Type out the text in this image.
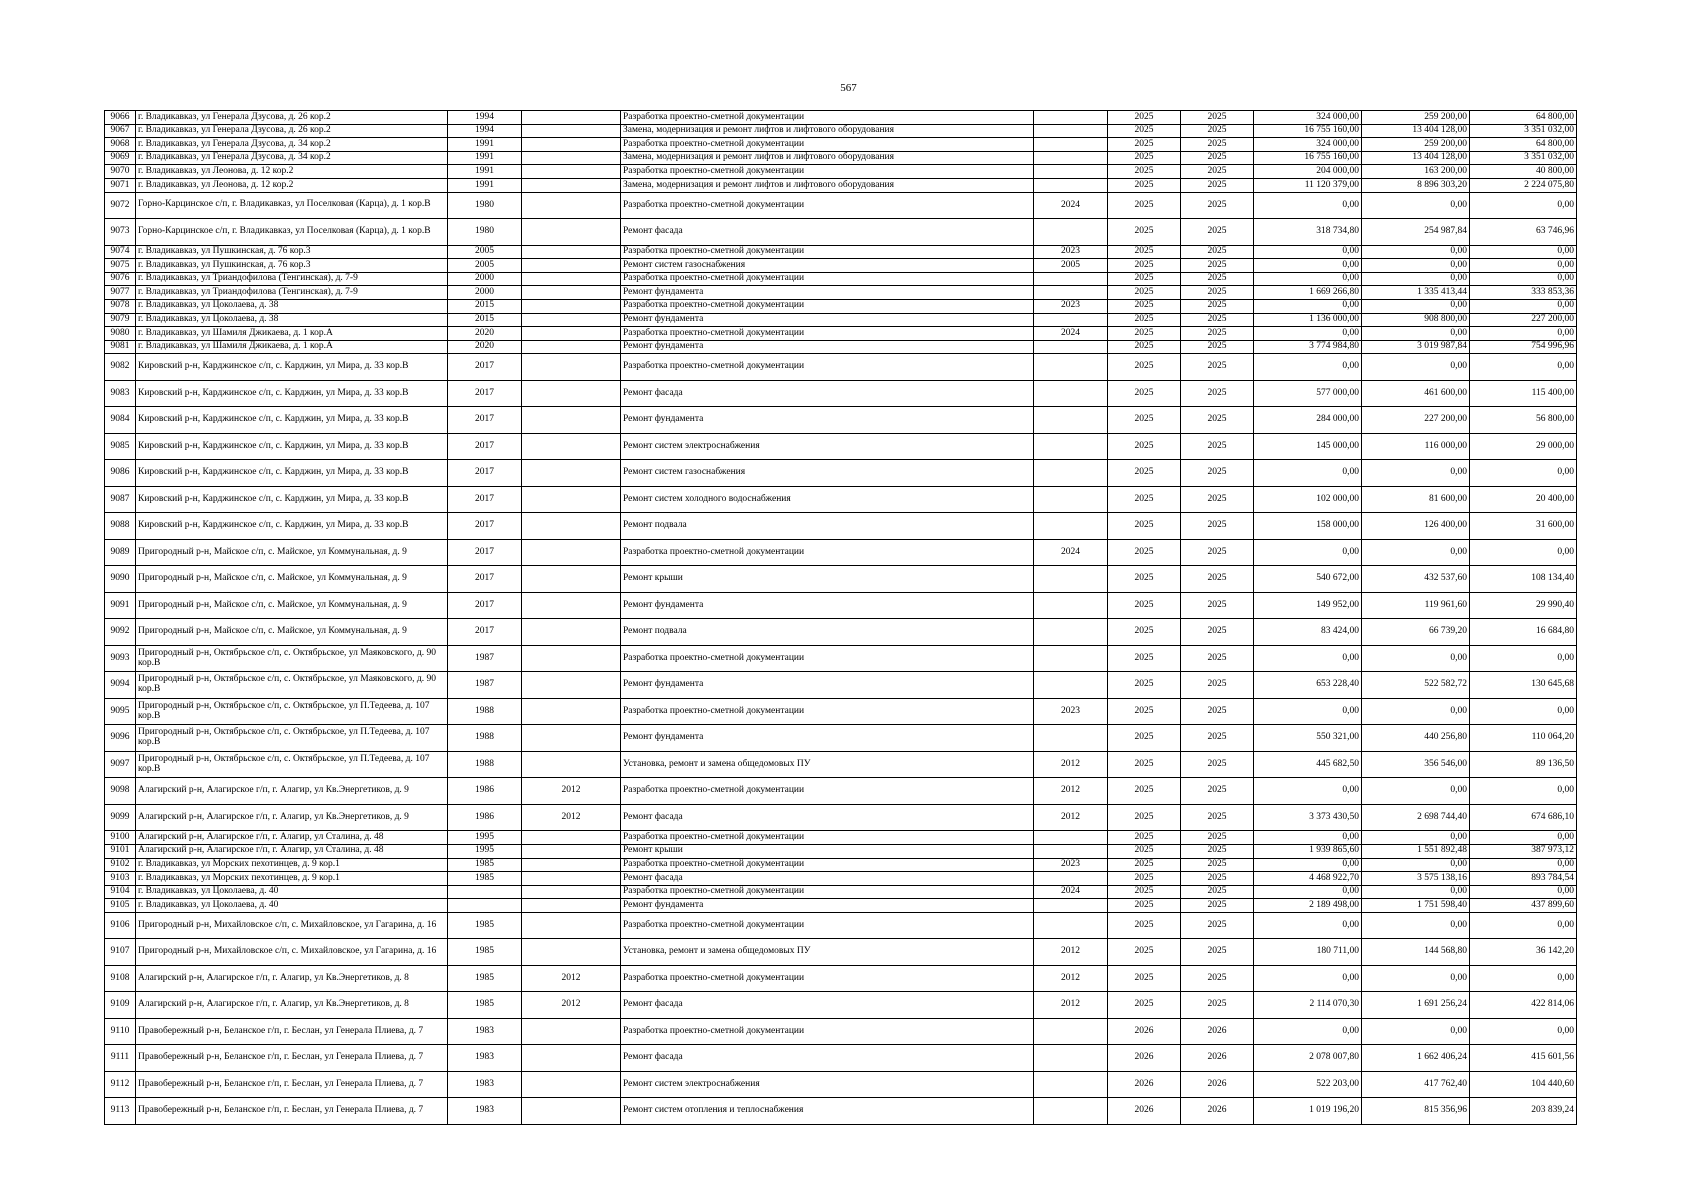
567
9066	г. Владикавказ, ул Генерала Дзусова, д. 26 кор.2	1994		Разработка проектно-сметной документации		2025	2025	324 000,00	259 200,00	64 800,00
9067	г. Владикавказ, ул Генерала Дзусова, д. 26 кор.2	1994		Замена, модернизация и ремонт лифтов и лифтового оборудования		2025	2025	16 755 160,00	13 404 128,00	3 351 032,00
9068	г. Владикавказ, ул Генерала Дзусова, д. 34 кор.2	1991		Разработка проектно-сметной документации		2025	2025	324 000,00	259 200,00	64 800,00
9069	г. Владикавказ, ул Генерала Дзусова, д. 34 кор.2	1991		Замена, модернизация и ремонт лифтов и лифтового оборудования		2025	2025	16 755 160,00	13 404 128,00	3 351 032,00
9070	г. Владикавказ, ул Леонова, д. 12 кор.2	1991		Разработка проектно-сметной документации		2025	2025	204 000,00	163 200,00	40 800,00
9071	г. Владикавказ, ул Леонова, д. 12 кор.2	1991		Замена, модернизация и ремонт лифтов и лифтового оборудования		2025	2025	11 120 379,00	8 896 303,20	2 224 075,80
9072	Горно-Карцинское с/п, г. Владикавказ, ул Поселковая (Карца), д. 1 кор.В	1980		Разработка проектно-сметной документации	2024	2025	2025	0,00	0,00	0,00
9073	Горно-Карцинское с/п, г. Владикавказ, ул Поселковая (Карца), д. 1 кор.В	1980		Ремонт фасада		2025	2025	318 734,80	254 987,84	63 746,96
9074	г. Владикавказ, ул Пушкинская, д. 76 кор.3	2005		Разработка проектно-сметной документации	2023	2025	2025	0,00	0,00	0,00
9075	г. Владикавказ, ул Пушкинская, д. 76 кор.3	2005		Ремонт систем газоснабжения	2005	2025	2025	0,00	0,00	0,00
9076	г. Владикавказ, ул Триандофилова (Тенгинская), д. 7-9	2000		Разработка проектно-сметной документации		2025	2025	0,00	0,00	0,00
9077	г. Владикавказ, ул Триандофилова (Тенгинская), д. 7-9	2000		Ремонт фундамента		2025	2025	1 669 266,80	1 335 413,44	333 853,36
9078	г. Владикавказ, ул Цоколаева, д. 38	2015		Разработка проектно-сметной документации	2023	2025	2025	0,00	0,00	0,00
9079	г. Владикавказ, ул Цоколаева, д. 38	2015		Ремонт фундамента		2025	2025	1 136 000,00	908 800,00	227 200,00
9080	г. Владикавказ, ул Шамиля Джикаева, д. 1 кор.А	2020		Разработка проектно-сметной документации	2024	2025	2025	0,00	0,00	0,00
9081	г. Владикавказ, ул Шамиля Джикаева, д. 1 кор.А	2020		Ремонт фундамента		2025	2025	3 774 984,80	3 019 987,84	754 996,96
9082	Кировский р-н, Карджинское с/п, с. Карджин, ул Мира, д. 33 кор.В	2017		Разработка проектно-сметной документации		2025	2025	0,00	0,00	0,00
9083	Кировский р-н, Карджинское с/п, с. Карджин, ул Мира, д. 33 кор.В	2017		Ремонт фасада		2025	2025	577 000,00	461 600,00	115 400,00
9084	Кировский р-н, Карджинское с/п, с. Карджин, ул Мира, д. 33 кор.В	2017		Ремонт фундамента		2025	2025	284 000,00	227 200,00	56 800,00
9085	Кировский р-н, Карджинское с/п, с. Карджин, ул Мира, д. 33 кор.В	2017		Ремонт систем электроснабжения		2025	2025	145 000,00	116 000,00	29 000,00
9086	Кировский р-н, Карджинское с/п, с. Карджин, ул Мира, д. 33 кор.В	2017		Ремонт систем газоснабжения		2025	2025	0,00	0,00	0,00
9087	Кировский р-н, Карджинское с/п, с. Карджин, ул Мира, д. 33 кор.В	2017		Ремонт систем холодного водоснабжения		2025	2025	102 000,00	81 600,00	20 400,00
9088	Кировский р-н, Карджинское с/п, с. Карджин, ул Мира, д. 33 кор.В	2017		Ремонт подвала		2025	2025	158 000,00	126 400,00	31 600,00
9089	Пригородный р-н, Майское с/п, с. Майское, ул Коммунальная, д. 9	2017		Разработка проектно-сметной документации	2024	2025	2025	0,00	0,00	0,00
9090	Пригородный р-н, Майское с/п, с. Майское, ул Коммунальная, д. 9	2017		Ремонт крыши		2025	2025	540 672,00	432 537,60	108 134,40
9091	Пригородный р-н, Майское с/п, с. Майское, ул Коммунальная, д. 9	2017		Ремонт фундамента		2025	2025	149 952,00	119 961,60	29 990,40
9092	Пригородный р-н, Майское с/п, с. Майское, ул Коммунальная, д. 9	2017		Ремонт подвала		2025	2025	83 424,00	66 739,20	16 684,80
9093	Пригородный р-н, Октябрьское с/п, с. Октябрьское, ул Маяковского, д. 90 кор.В	1987		Разработка проектно-сметной документации		2025	2025	0,00	0,00	0,00
9094	Пригородный р-н, Октябрьское с/п, с. Октябрьское, ул Маяковского, д. 90 кор.В	1987		Ремонт фундамента		2025	2025	653 228,40	522 582,72	130 645,68
9095	Пригородный р-н, Октябрьское с/п, с. Октябрьское, ул П.Тедеева, д. 107 кор.В	1988		Разработка проектно-сметной документации	2023	2025	2025	0,00	0,00	0,00
9096	Пригородный р-н, Октябрьское с/п, с. Октябрьское, ул П.Тедеева, д. 107 кор.В	1988		Ремонт фундамента		2025	2025	550 321,00	440 256,80	110 064,20
9097	Пригородный р-н, Октябрьское с/п, с. Октябрьское, ул П.Тедеева, д. 107 кор.В	1988		Установка, ремонт и замена общедомовых ПУ	2012	2025	2025	445 682,50	356 546,00	89 136,50
9098	Алагирский р-н, Алагирское г/п, г. Алагир, ул Кв.Энергетиков, д. 9	1986	2012	Разработка проектно-сметной документации	2012	2025	2025	0,00	0,00	0,00
9099	Алагирский р-н, Алагирское г/п, г. Алагир, ул Кв.Энергетиков, д. 9	1986	2012	Ремонт фасада	2012	2025	2025	3 373 430,50	2 698 744,40	674 686,10
9100	Алагирский р-н, Алагирское г/п, г. Алагир, ул Сталина, д. 48	1995		Разработка проектно-сметной документации		2025	2025	0,00	0,00	0,00
9101	Алагирский р-н, Алагирское г/п, г. Алагир, ул Сталина, д. 48	1995		Ремонт крыши		2025	2025	1 939 865,60	1 551 892,48	387 973,12
9102	г. Владикавказ, ул Морских пехотинцев, д. 9 кор.1	1985		Разработка проектно-сметной документации	2023	2025	2025	0,00	0,00	0,00
9103	г. Владикавказ, ул Морских пехотинцев, д. 9 кор.1	1985		Ремонт фасада		2025	2025	4 468 922,70	3 575 138,16	893 784,54
9104	г. Владикавказ, ул Цоколаева, д. 40			Разработка проектно-сметной документации	2024	2025	2025	0,00	0,00	0,00
9105	г. Владикавказ, ул Цоколаева, д. 40			Ремонт фундамента		2025	2025	2 189 498,00	1 751 598,40	437 899,60
9106	Пригородный р-н, Михайловское с/п, с. Михайловское, ул Гагарина, д. 16	1985		Разработка проектно-сметной документации		2025	2025	0,00	0,00	0,00
9107	Пригородный р-н, Михайловское с/п, с. Михайловское, ул Гагарина, д. 16	1985		Установка, ремонт и замена общедомовых ПУ	2012	2025	2025	180 711,00	144 568,80	36 142,20
9108	Алагирский р-н, Алагирское г/п, г. Алагир, ул Кв.Энергетиков, д. 8	1985	2012	Разработка проектно-сметной документации	2012	2025	2025	0,00	0,00	0,00
9109	Алагирский р-н, Алагирское г/п, г. Алагир, ул Кв.Энергетиков, д. 8	1985	2012	Ремонт фасада	2012	2025	2025	2 114 070,30	1 691 256,24	422 814,06
9110	Правобережный р-н, Беланское г/п, г. Беслан, ул Генерала Плиева, д. 7	1983		Разработка проектно-сметной документации		2026	2026	0,00	0,00	0,00
9111	Правобережный р-н, Беланское г/п, г. Беслан, ул Генерала Плиева, д. 7	1983		Ремонт фасада		2026	2026	2 078 007,80	1 662 406,24	415 601,56
9112	Правобережный р-н, Беланское г/п, г. Беслан, ул Генерала Плиева, д. 7	1983		Ремонт систем электроснабжения		2026	2026	522 203,00	417 762,40	104 440,60
9113	Правобережный р-н, Беланское г/п, г. Беслан, ул Генерала Плиева, д. 7	1983		Ремонт систем отопления и теплоснабжения		2026	2026	1 019 196,20	815 356,96	203 839,24
